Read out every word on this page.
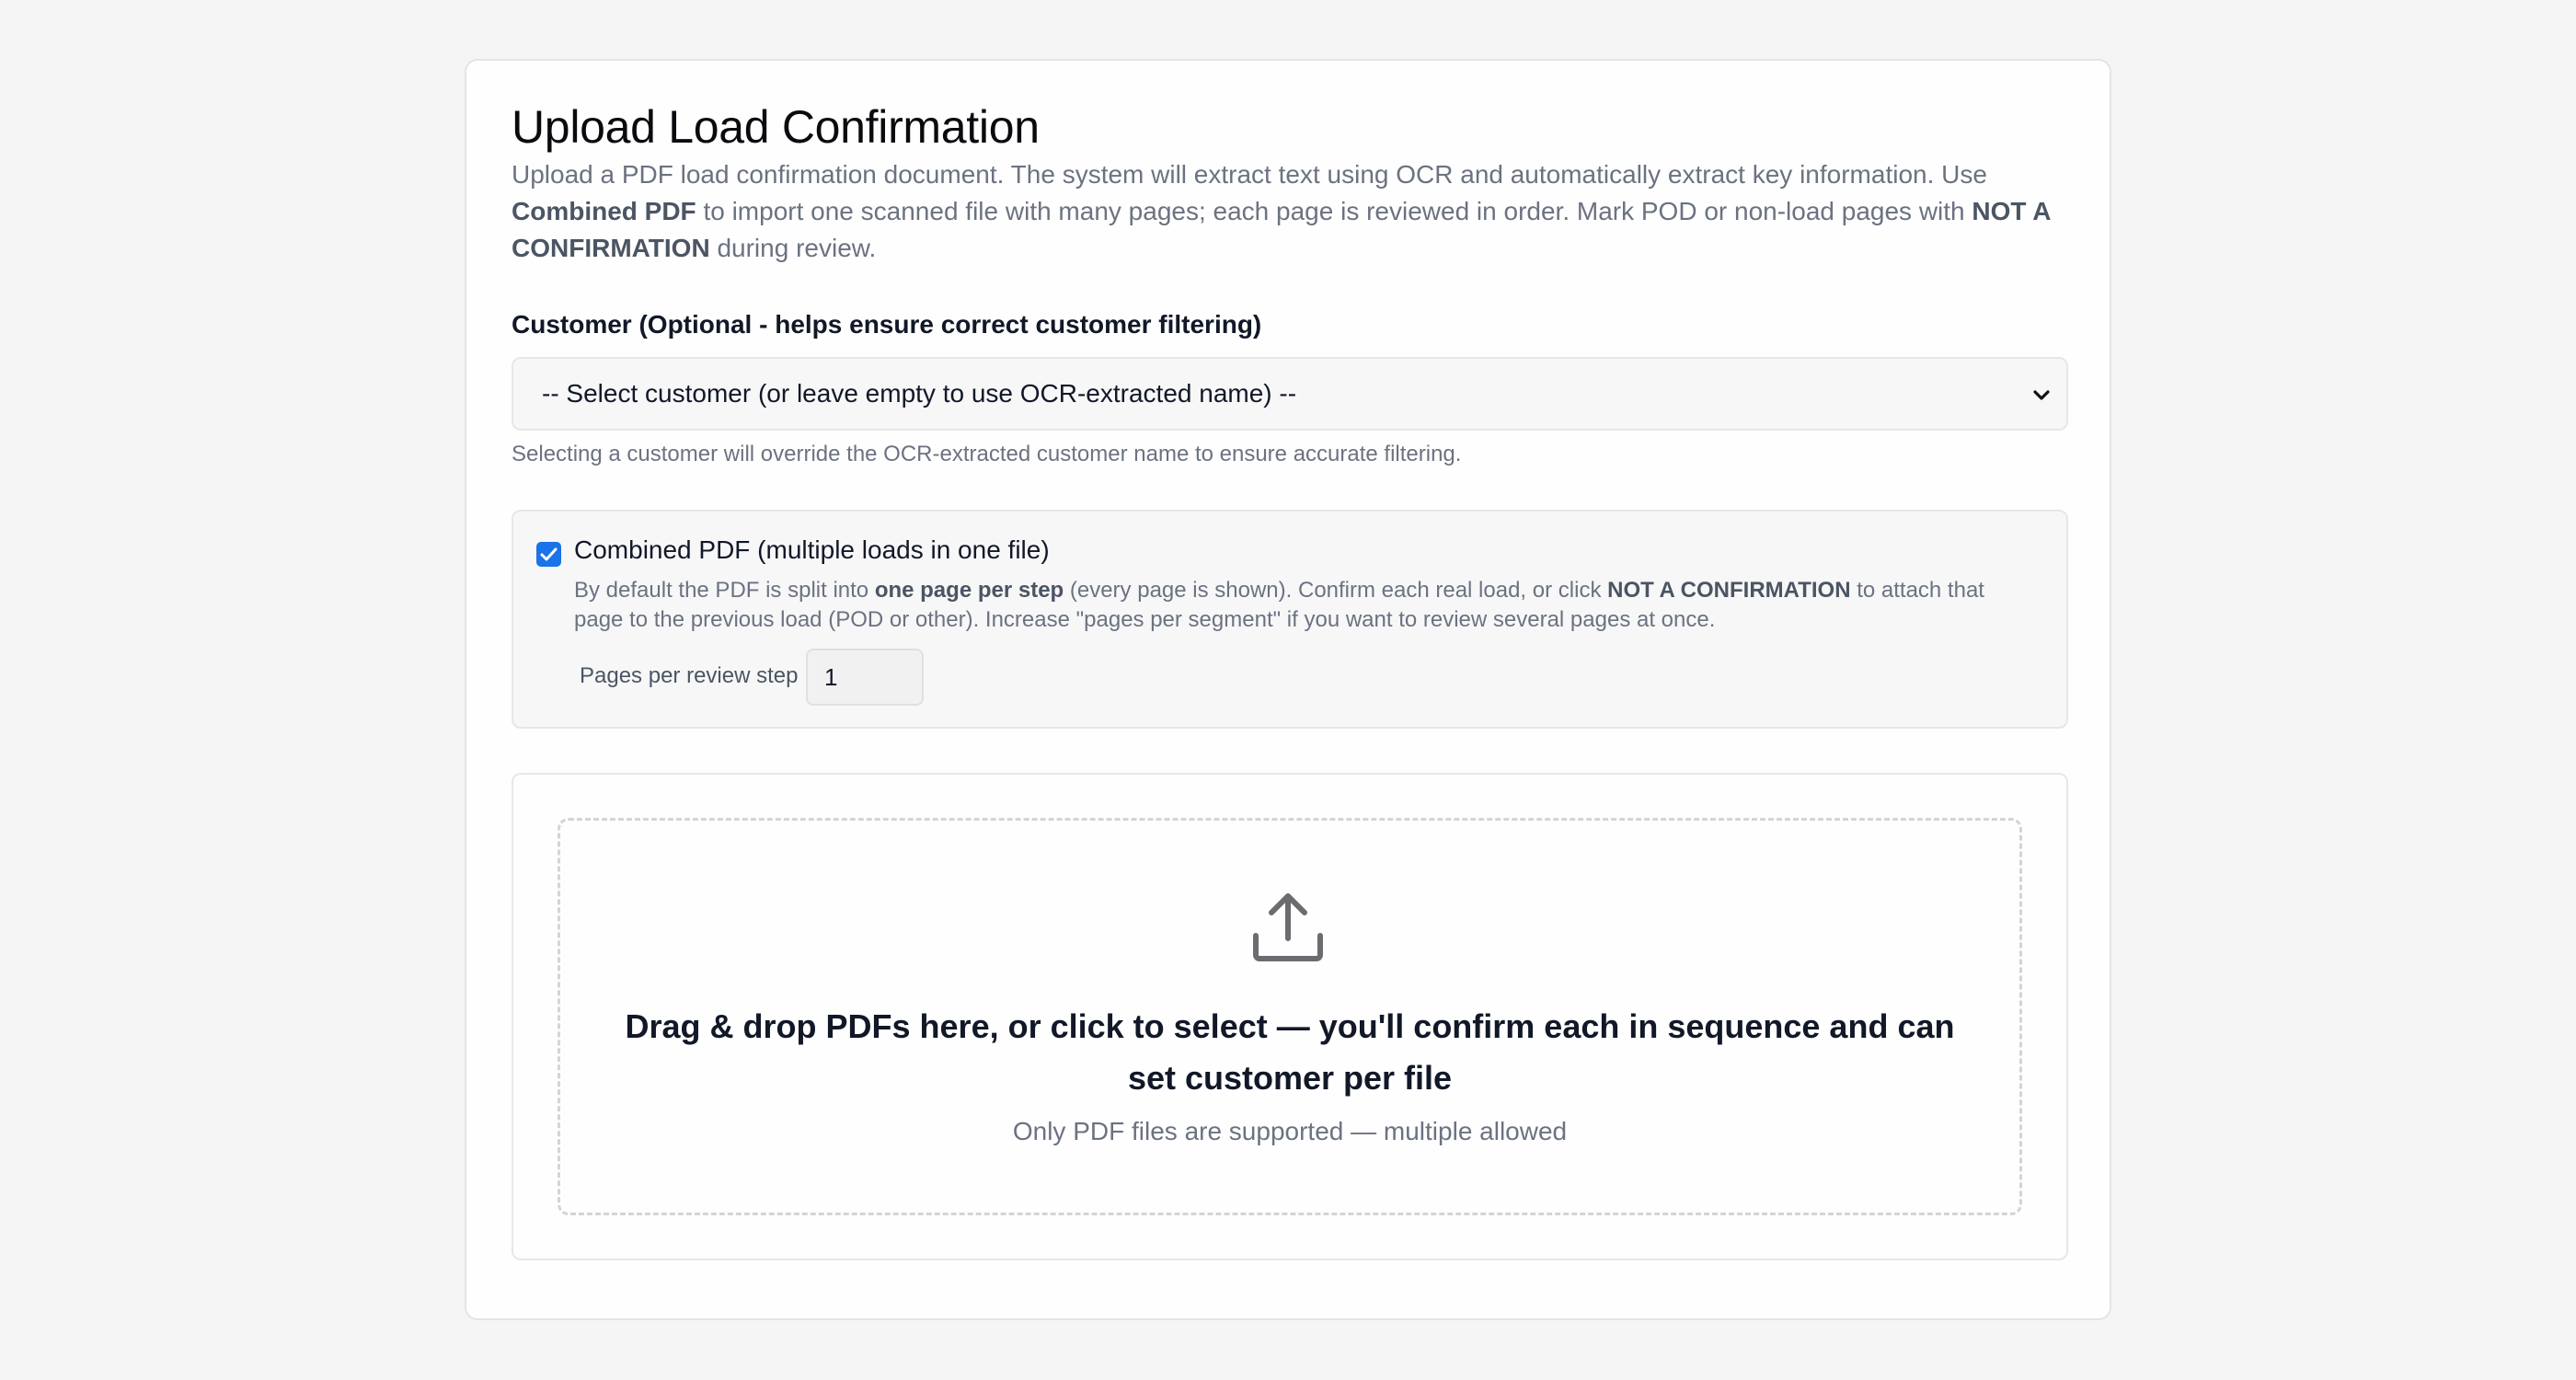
Upload Load Confirmation

Upload a PDF load confirmation document. The system will extract text using OCR and automatically extract key information. Use Combined PDF to import one scanned file with many pages; each page is reviewed in order. Mark POD or non-load pages with NOT A CONFIRMATION during review.

Customer (Optional - helps ensure correct customer filtering)
-- Select customer (or leave empty to use OCR-extracted name) --
Selecting a customer will override the OCR-extracted customer name to ensure accurate filtering.
Combined PDF (multiple loads in one file)
By default the PDF is split into one page per step (every page is shown). Confirm each real load, or click NOT A CONFIRMATION to attach that page to the previous load (POD or other). Increase "pages per segment" if you want to review several pages at once.
Pages per review step	1
Drag & drop PDFs here, or click to select — you'll confirm each in sequence and can set customer per file
Only PDF files are supported — multiple allowed
